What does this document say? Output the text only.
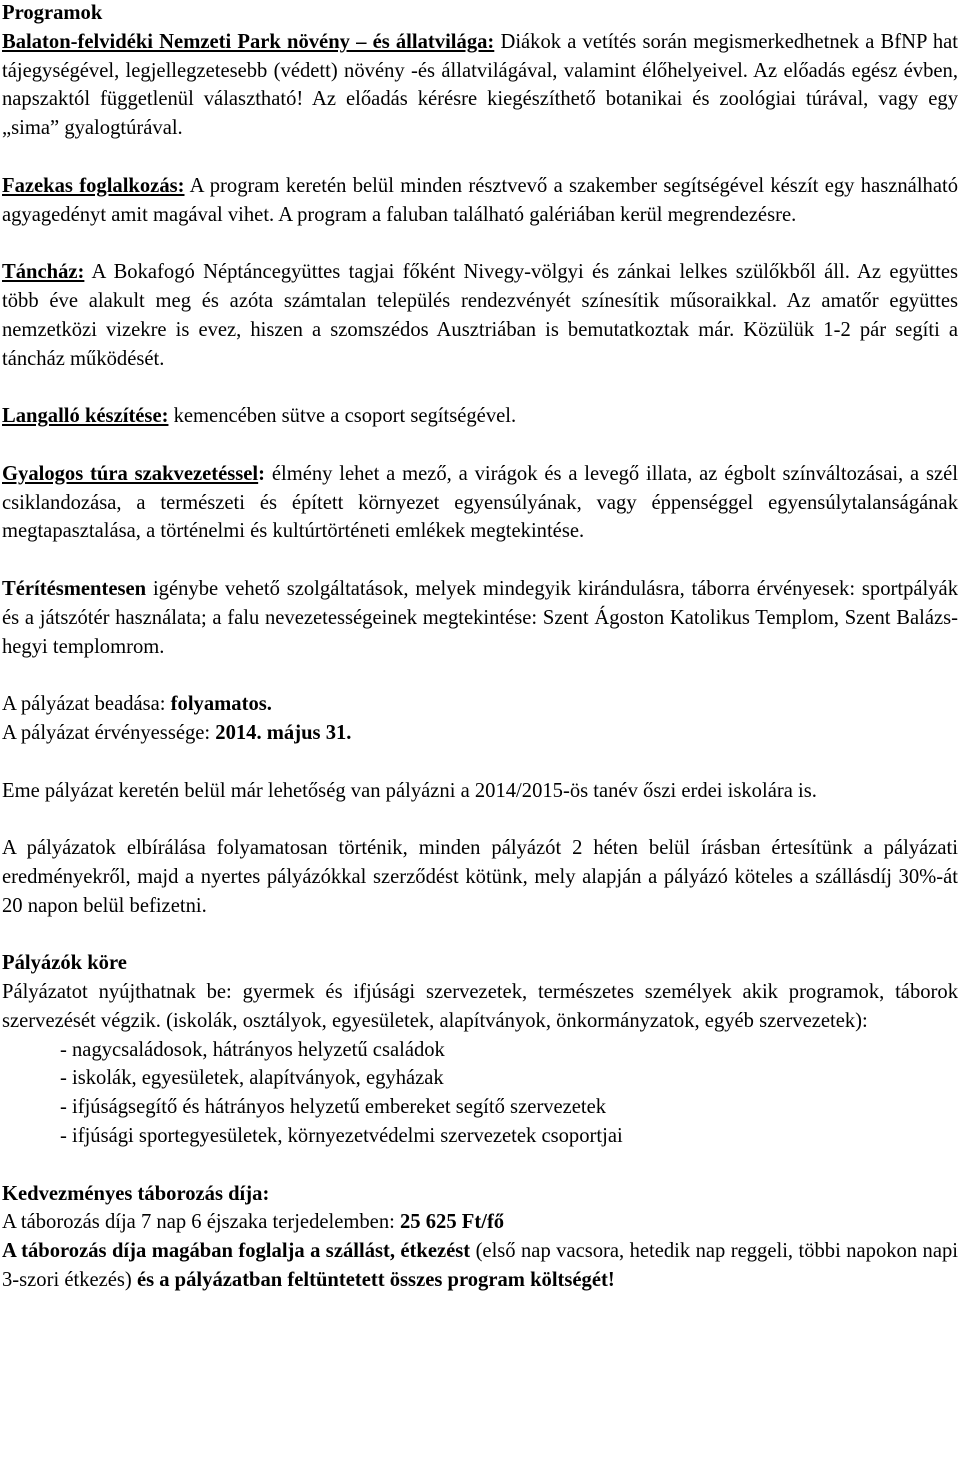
Programok

Balaton-felvidéki Nemzeti Park növény – és állatvilága: Diákok a vetítés során megismerkedhetnek a BfNP hat tájegységével, legjellegzetesebb (védett) növény -és állatvilágával, valamint élőhelyeivel. Az előadás egész évben, napszaktól függetlenül választható! Az előadás kérésre kiegészíthető botanikai és zoológiai túrával, vagy egy „sima” gyalogtúrával.

Fazekas foglalkozás: A program keretén belül minden résztvevő a szakember segítségével készít egy használható agyagedényt amit magával vihet. A program a faluban található galériában kerül megrendezésre.

Táncház: A Bokafogó Néptáncegyüttes tagjai főként Nivegy-völgyi és zánkai lelkes szülőkből áll. Az együttes több éve alakult meg és azóta számtalan település rendezvényét színesítik műsoraikkal. Az amatőr együttes nemzetközi vizekre is evez, hiszen a szomszédos Ausztriában is bemutatkoztak már. Közülük 1-2 pár segíti a táncház működését.

Langalló készítése: kemencében sütve a csoport segítségével.

Gyalogos túra szakvezetéssel: élmény lehet a mező, a virágok és a levegő illata, az égbolt színváltozásai, a szél csiklandozása, a természeti és épített környezet egyensúlyának, vagy éppenséggel egyensúlytalanságának megtapasztalása, a történelmi és kultúrtörténeti emlékek megtekintése.

Térítésmentesen igénybe vehető szolgáltatások, melyek mindegyik kirándulásra, táborra érvényesek: sportpályák és a játszótér használata; a falu nevezetességeinek megtekintése: Szent Ágoston Katolikus Templom, Szent Balázs-hegyi templomrom.

A pályázat beadása: folyamatos.

A pályázat érvényessége: 2014. május 31.

Eme pályázat keretén belül már lehetőség van pályázni a 2014/2015-ös tanév őszi erdei iskolára is.

A pályázatok elbírálása folyamatosan történik, minden pályázót 2 héten belül írásban értesítünk a pályázati eredményekről, majd a nyertes pályázókkal szerződést kötünk, mely alapján a pályázó köteles a szállásdíj 30%-át 20 napon belül befizetni.

Pályázók köre

Pályázatot nyújthatnak be: gyermek és ifjúsági szervezetek, természetes személyek akik programok, táborok szervezését végzik. (iskolák, osztályok, egyesületek, alapítványok, önkormányzatok, egyéb szervezetek):

- nagycsaládosok, hátrányos helyzetű családok
- iskolák, egyesületek, alapítványok, egyházak
- ifjúságsegítő és hátrányos helyzetű embereket segítő szervezetek
- ifjúsági sportegyesületek, környezetvédelmi szervezetek csoportjai

Kedvezményes táborozás díja:

A táborozás díja 7 nap 6 éjszaka terjedelemben: 25 625 Ft/fő

A táborozás díja magában foglalja a szállást, étkezést (első nap vacsora, hetedik nap reggeli, többi napokon napi 3-szori étkezés) és a pályázatban feltüntetett összes program költségét!
